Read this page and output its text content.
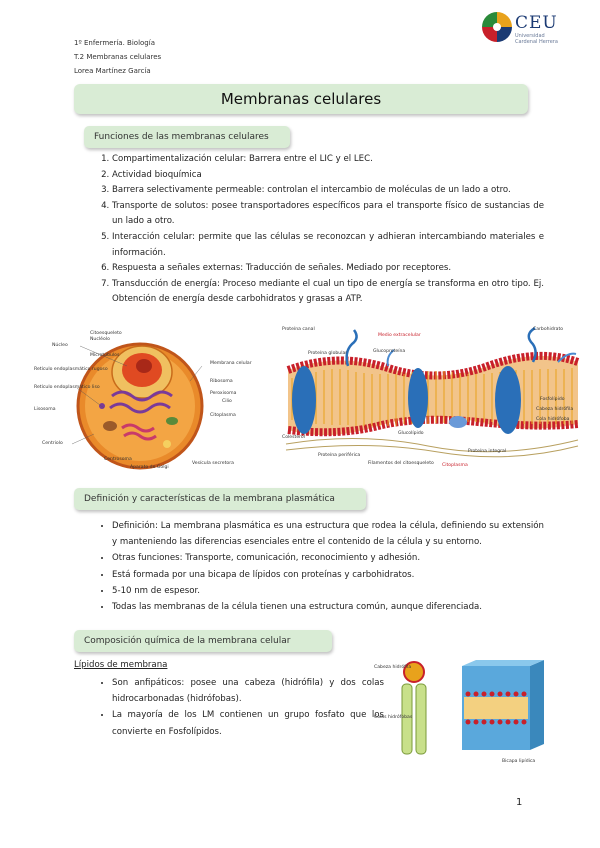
1º Enfermería. Biología
T.2 Membranas celulares
Lorea Martínez García
CEU
Universidad
Cardenal Herrera
Membranas celulares
Funciones de las membranas celulares
1. Compartimentalización celular: Barrera entre el LIC y el LEC.
2. Actividad bioquímica
3. Barrera selectivamente permeable: controlan el intercambio de moléculas de un lado a otro.
4. Transporte de solutos: posee transportadores específicos para el transporte físico de sustancias de un lado a otro.
5. Interacción celular: permite que las células se reconozcan y adhieran intercambiando materiales e información.
6. Respuesta a señales externas: Traducción de señales. Mediado por receptores.
7. Transducción de energía: Proceso mediante el cual un tipo de energía se transforma en otro tipo. Ej. Obtención de energía desde carbohidratos y grasas a ATP.
Citoesqueleto
Núcleo
Nucléolo
Microtúbulos
Retículo endoplasmático rugoso
Retículo endoplasmático liso
Lisosoma
Membrana celular
Ribosoma
Peroxisoma
Cilio
Citoplasma
Centriolo
Centrosoma
Aparato de Golgi
Vesícula secretora
Proteína canal
Proteína globular
Medio extracelular
Glucoproteína
Carbohidrato
Glucolípido
Colesterol
Fosfolípido
Proteína periférica
Proteína integral
Filamentos del citoesqueleto Citoplasma
Cabeza hidrófila
Cola hidrófoba
Definición y características de la membrana plasmática
• Definición: La membrana plasmática es una estructura que rodea la célula, definiendo su extensión y manteniendo las diferencias esenciales entre el contenido de la célula y su entorno.
• Otras funciones: Transporte, comunicación, reconocimiento y adhesión.
• Está formada por una bicapa de lípidos con proteínas y carbohidratos.
• 5-10 nm de espesor.
• Todas las membranas de la célula tienen una estructura común, aunque diferenciada.
Composición química de la membrana celular
Lípidos de membrana
• Son anfipáticos: posee una cabeza (hidrófila) y dos colas hidrocarbonadas (hidrófobas).
• La mayoría de los LM contienen un grupo fosfato que los convierte en Fosfolípidos.
Cabeza hidrófila
Colas hidrófobas
Bicapa lipídica
1
